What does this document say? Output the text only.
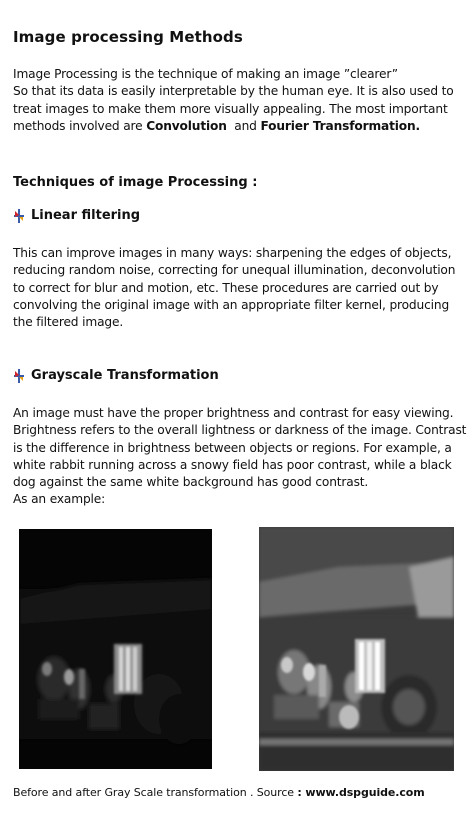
Image processing Methods
Image Processing is the technique of making an image ”clearer”
So that its data is easily interpretable by the human eye. It is also used to treat images to make them more visually appealing. The most important methods involved are Convolution and Fourier Transformation.
Techniques of image Processing :
Linear filtering
This can improve images in many ways: sharpening the edges of objects, reducing random noise, correcting for unequal illumination, deconvolution to correct for blur and motion, etc. These procedures are carried out by convolving the original image with an appropriate filter kernel, producing the filtered image.
Grayscale Transformation
An image must have the proper brightness and contrast for easy viewing. Brightness refers to the overall lightness or darkness of the image. Contrast is the difference in brightness between objects or regions. For example, a white rabbit running across a snowy field has poor contrast, while a black dog against the same white background has good contrast.
As an example:
Before and after Gray Scale transformation . Source : www.dspguide.com
